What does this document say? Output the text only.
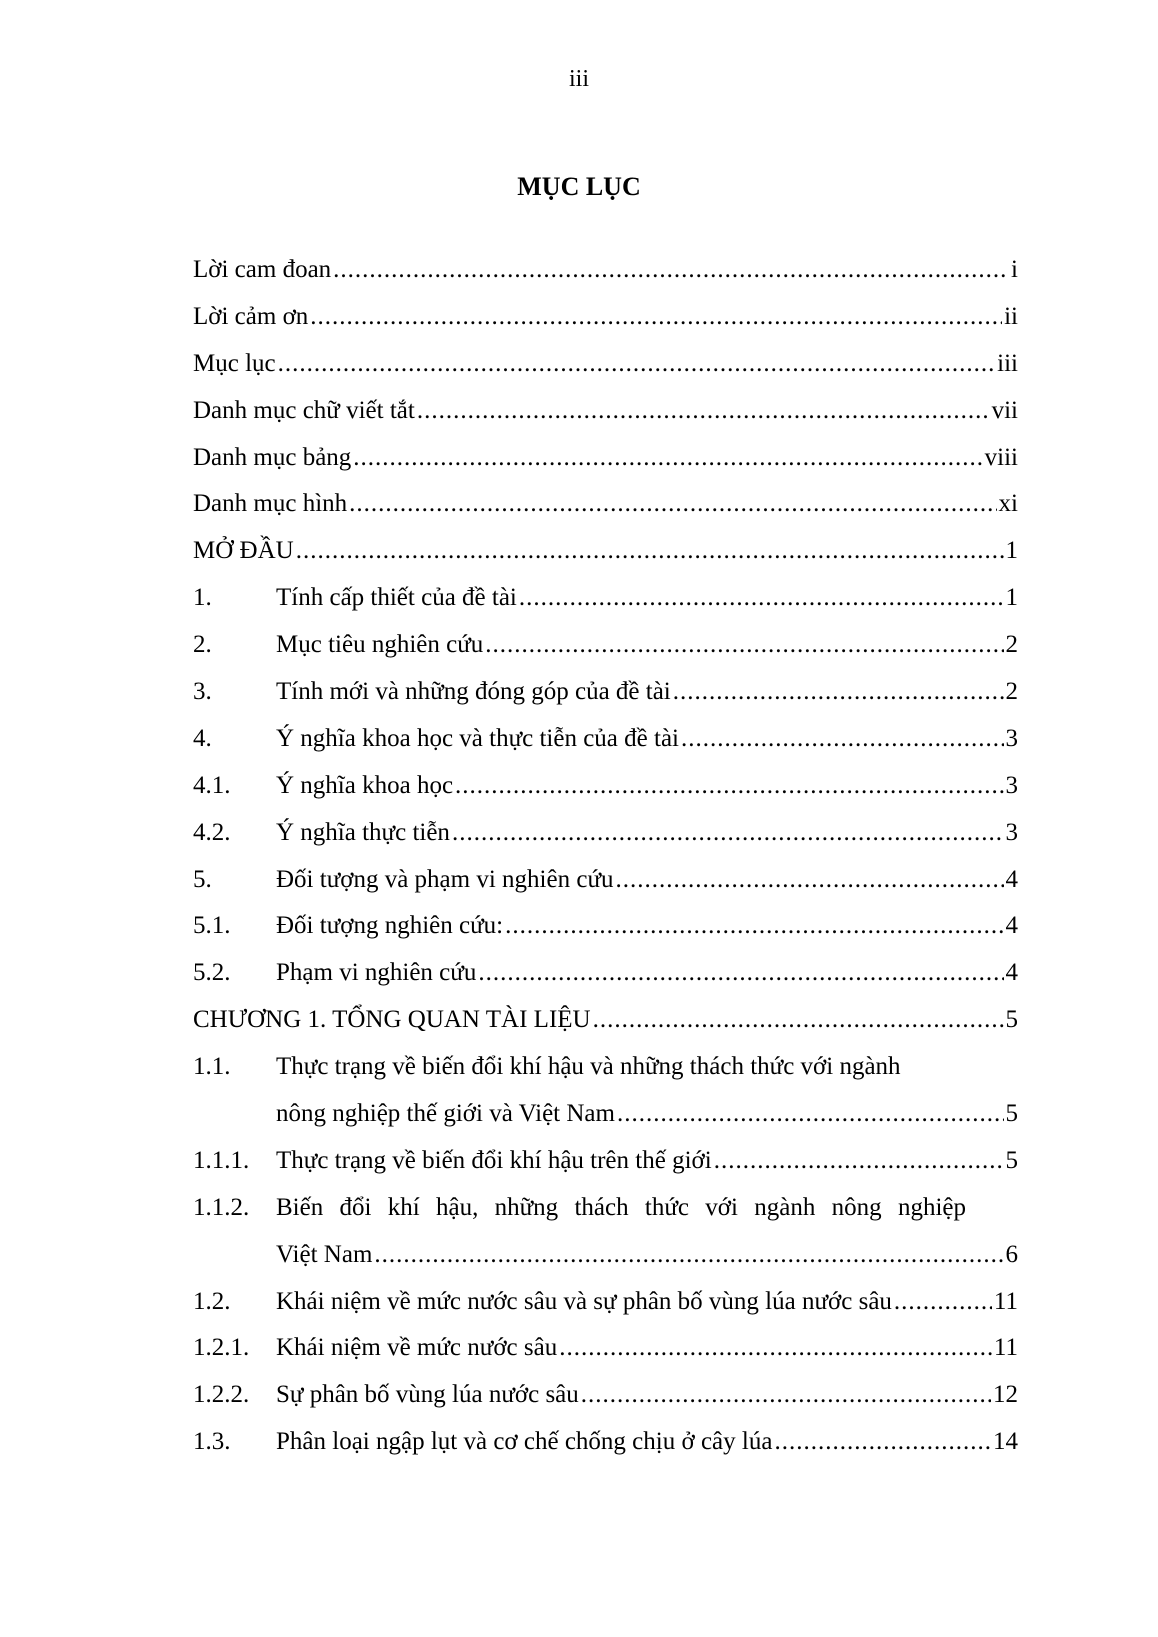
iii
MỤC LỤC
Lời cam đoan .....	i
Lời cảm ơn .....	ii
Mục lục .....	iii
Danh mục chữ viết tắt .....	vii
Danh mục bảng .....	viii
Danh mục hình .....	xi
MỞ ĐẦU .....	1
1.	Tính cấp thiết của đề tài .....	1
2.	Mục tiêu nghiên cứu .....	2
3.	Tính mới và những đóng góp của đề tài .....	2
4.	Ý nghĩa khoa học và thực tiễn của đề tài .....	3
4.1.	Ý nghĩa khoa học .....	3
4.2.	Ý nghĩa thực tiễn .....	3
5.	Đối tượng và phạm vi nghiên cứu .....	4
5.1.	Đối tượng nghiên cứu: .....	4
5.2.	Phạm vi nghiên cứu .....	4
CHƯƠNG 1. TỔNG QUAN TÀI LIỆU .....	5
1.1.	Thực trạng về biến đổi khí hậu và những thách thức với ngành
nông nghiệp thế giới và Việt Nam .....	5
1.1.1.	Thực trạng về biến đổi khí hậu trên thế giới .....	5
1.1.2.	Biến đổi khí hậu, những thách thức với ngành nông nghiệp
Việt Nam .....	6
1.2.	Khái niệm về mức nước sâu và sự phân bố vùng lúa nước sâu .....	11
1.2.1.	Khái niệm về mức nước sâu .....	11
1.2.2.	Sự phân bố vùng lúa nước sâu .....	12
1.3.	Phân loại ngập lụt và cơ chế chống chịu ở cây lúa .....	14
